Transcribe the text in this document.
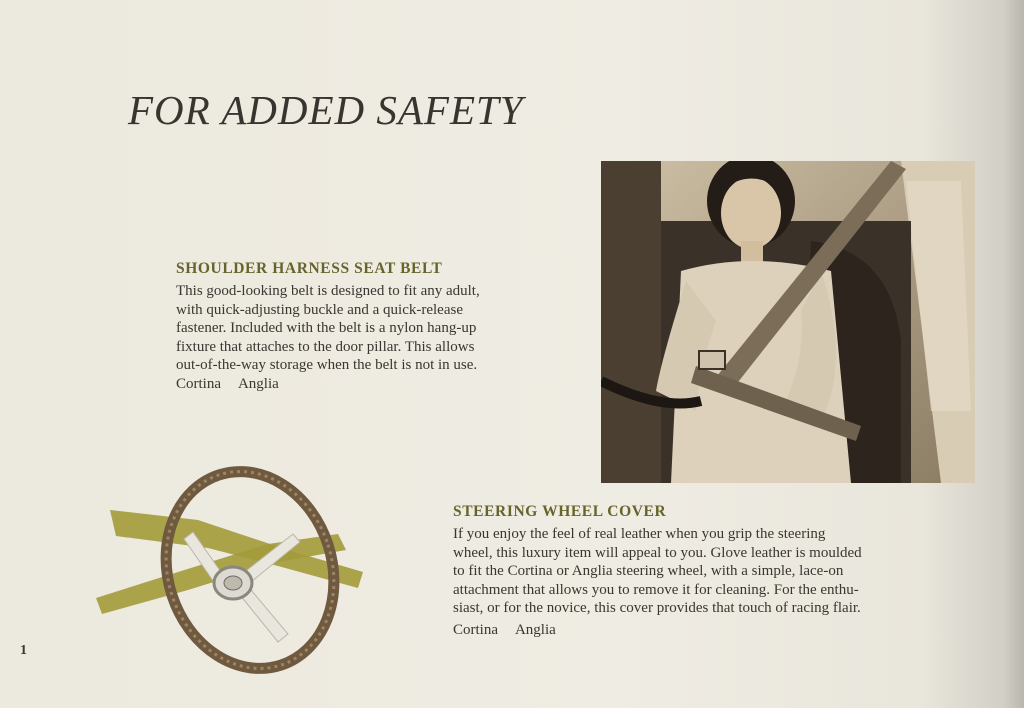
FOR ADDED SAFETY

SHOULDER HARNESS SEAT BELT
This good-looking belt is designed to fit any adult,
with quick-adjusting buckle and a quick-release
fastener. Included with the belt is a nylon hang-up
fixture that attaches to the door pillar. This allows
out-of-the-way storage when the belt is not in use.
Cortina Anglia
STEERING WHEEL COVER
If you enjoy the feel of real leather when you grip the steering
wheel, this luxury item will appeal to you. Glove leather is moulded
to fit the Cortina or Anglia steering wheel, with a simple, lace-on
attachment that allows you to remove it for cleaning. For the enthu-
siast, or for the novice, this cover provides that touch of racing flair.
Cortina Anglia
1
